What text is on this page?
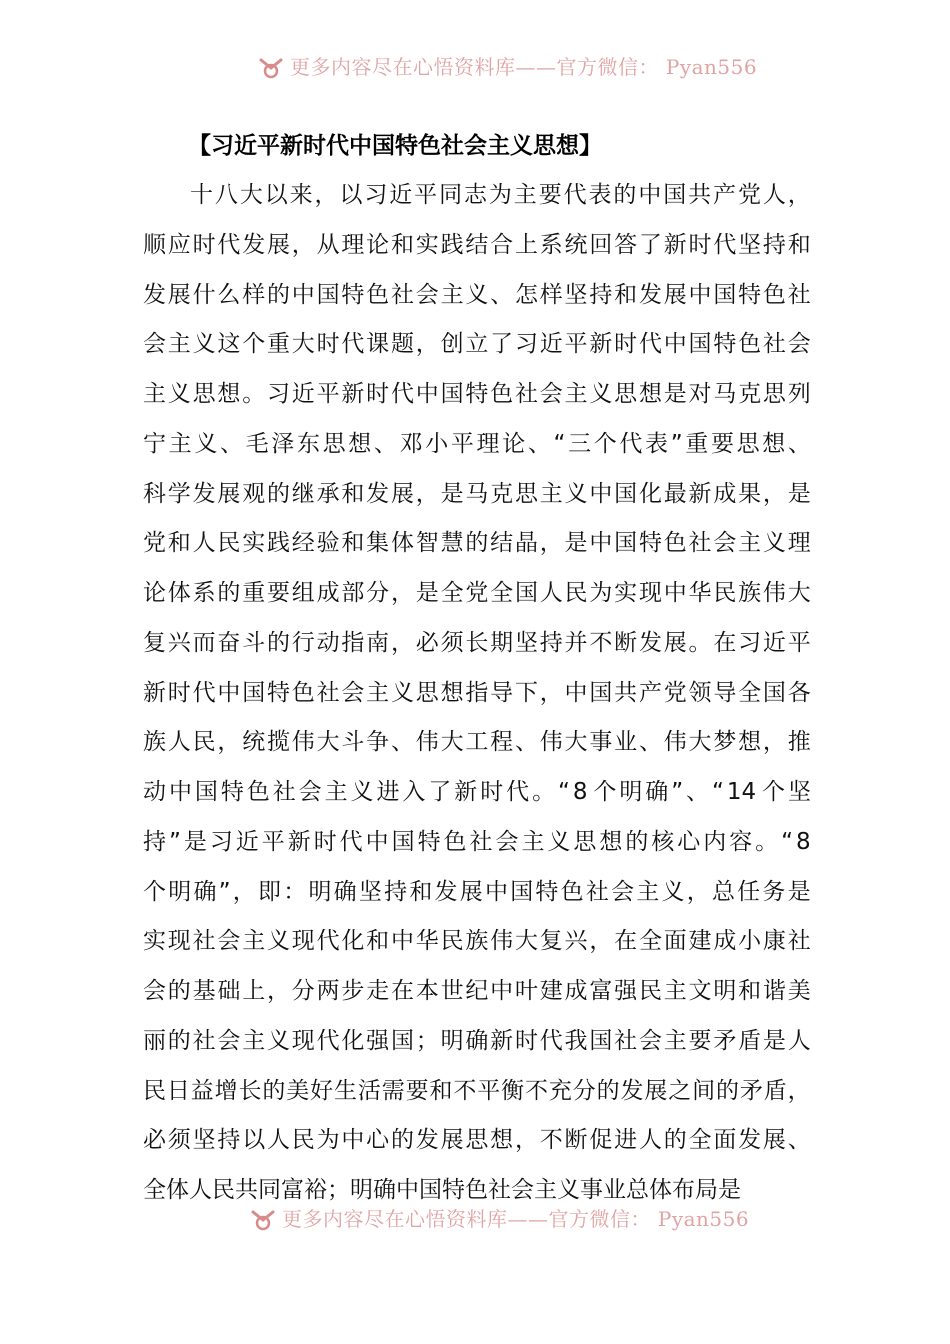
更多内容尽在心悟资料库——官方微信： Pyan556
【习近平新时代中国特色社会主义思想】
十 八 大 以 来 ， 以 习 近 平 同 志 为 主 要 代 表 的 中 国 共 产 党 人 ，
顺 应 时 代 发 展 ， 从 理 论 和 实 践 结 合 上 系 统 回 答 了 新 时 代 坚 持 和
发 展 什 么 样 的 中 国 特 色 社 会 主 义 、 怎 样 坚 持 和 发 展 中 国 特 色 社
会 主 义 这 个 重 大 时 代 课 题 ， 创 立 了 习 近 平 新 时 代 中 国 特 色 社 会
主 义 思 想 。 习 近 平 新 时 代 中 国 特 色 社 会 主 义 思 想 是 对 马 克 思 列
宁 主 义 、 毛 泽 东 思 想 、 邓 小 平 理 论 、 “ 三 个 代 表 ” 重 要 思 想 、
科 学 发 展 观 的 继 承 和 发 展 ， 是 马 克 思 主 义 中 国 化 最 新 成 果 ， 是
党 和 人 民 实 践 经 验 和 集 体 智 慧 的 结 晶 ， 是 中 国 特 色 社 会 主 义 理
论 体 系 的 重 要 组 成 部 分 ， 是 全 党 全 国 人 民 为 实 现 中 华 民 族 伟 大
复 兴 而 奋 斗 的 行 动 指 南 ， 必 须 长 期 坚 持 并 不 断 发 展 。 在 习 近 平
新 时 代 中 国 特 色 社 会 主 义 思 想 指 导 下 ， 中 国 共 产 党 领 导 全 国 各
族 人 民 ， 统 揽 伟 大 斗 争 、 伟 大 工 程 、 伟 大 事 业 、 伟 大 梦 想 ， 推
动 中 国 特 色 社 会 主 义 进 入 了 新 时 代 。 “ 8 个 明 确 ” 、 “ 14 个 坚
持 ” 是 习 近 平 新 时 代 中 国 特 色 社 会 主 义 思 想 的 核 心 内 容 。 “ 8
个 明 确 ” ， 即 ： 明 确 坚 持 和 发 展 中 国 特 色 社 会 主 义 ， 总 任 务 是
实 现 社 会 主 义 现 代 化 和 中 华 民 族 伟 大 复 兴 ， 在 全 面 建 成 小 康 社
会 的 基 础 上 ， 分 两 步 走 在 本 世 纪 中 叶 建 成 富 强 民 主 文 明 和 谐 美
丽 的 社 会 主 义 现 代 化 强 国 ； 明 确 新 时 代 我 国 社 会 主 要 矛 盾 是 人
民 日 益 增 长 的 美 好 生 活 需 要 和 不 平 衡 不 充 分 的 发 展 之 间 的 矛 盾 ，
必 须 坚 持 以 人 民 为 中 心 的 发 展 思 想 ， 不 断 促 进 人 的 全 面 发 展 、
全体人民共同富裕；明确中国特色社会主义事业总体布局是
更多内容尽在心悟资料库——官方微信： Pyan556
